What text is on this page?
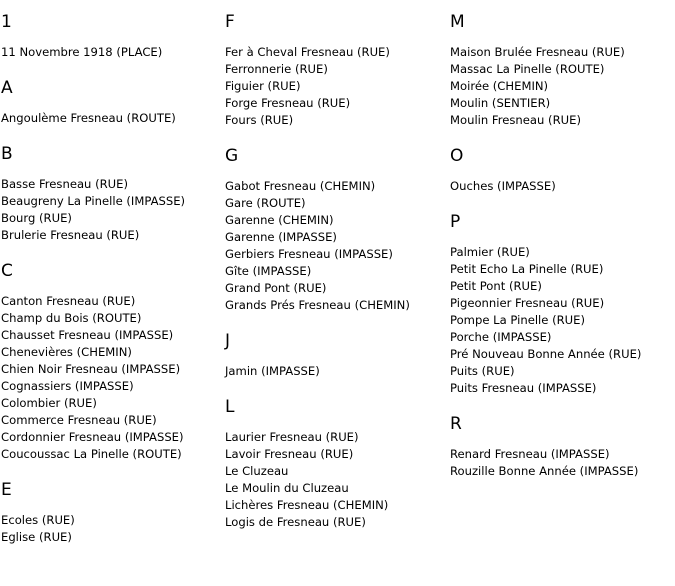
1
11 Novembre 1918 (PLACE)
A
Angoulème Fresneau (ROUTE)
B
Basse Fresneau (RUE)
Beaugreny La Pinelle (IMPASSE)
Bourg (RUE)
Brulerie Fresneau (RUE)
C
Canton Fresneau (RUE)
Champ du Bois (ROUTE)
Chausset Fresneau (IMPASSE)
Chenevières (CHEMIN)
Chien Noir Fresneau (IMPASSE)
Cognassiers (IMPASSE)
Colombier (RUE)
Commerce Fresneau (RUE)
Cordonnier Fresneau (IMPASSE)
Coucoussac La Pinelle (ROUTE)
E
Ecoles (RUE)
Eglise (RUE)
F
Fer à Cheval Fresneau (RUE)
Ferronnerie (RUE)
Figuier (RUE)
Forge Fresneau (RUE)
Fours (RUE)
G
Gabot Fresneau (CHEMIN)
Gare (ROUTE)
Garenne (CHEMIN)
Garenne (IMPASSE)
Gerbiers Fresneau (IMPASSE)
Gîte (IMPASSE)
Grand Pont (RUE)
Grands Prés Fresneau (CHEMIN)
J
Jamin (IMPASSE)
L
Laurier Fresneau (RUE)
Lavoir Fresneau (RUE)
Le Cluzeau
Le Moulin du Cluzeau
Lichères Fresneau (CHEMIN)
Logis de Fresneau (RUE)
M
Maison Brulée Fresneau (RUE)
Massac La Pinelle (ROUTE)
Moirée (CHEMIN)
Moulin (SENTIER)
Moulin Fresneau (RUE)
O
Ouches (IMPASSE)
P
Palmier (RUE)
Petit Echo La Pinelle (RUE)
Petit Pont (RUE)
Pigeonnier Fresneau (RUE)
Pompe La Pinelle (RUE)
Porche (IMPASSE)
Pré Nouveau Bonne Année (RUE)
Puits (RUE)
Puits Fresneau (IMPASSE)
R
Renard Fresneau (IMPASSE)
Rouzille Bonne Année (IMPASSE)
